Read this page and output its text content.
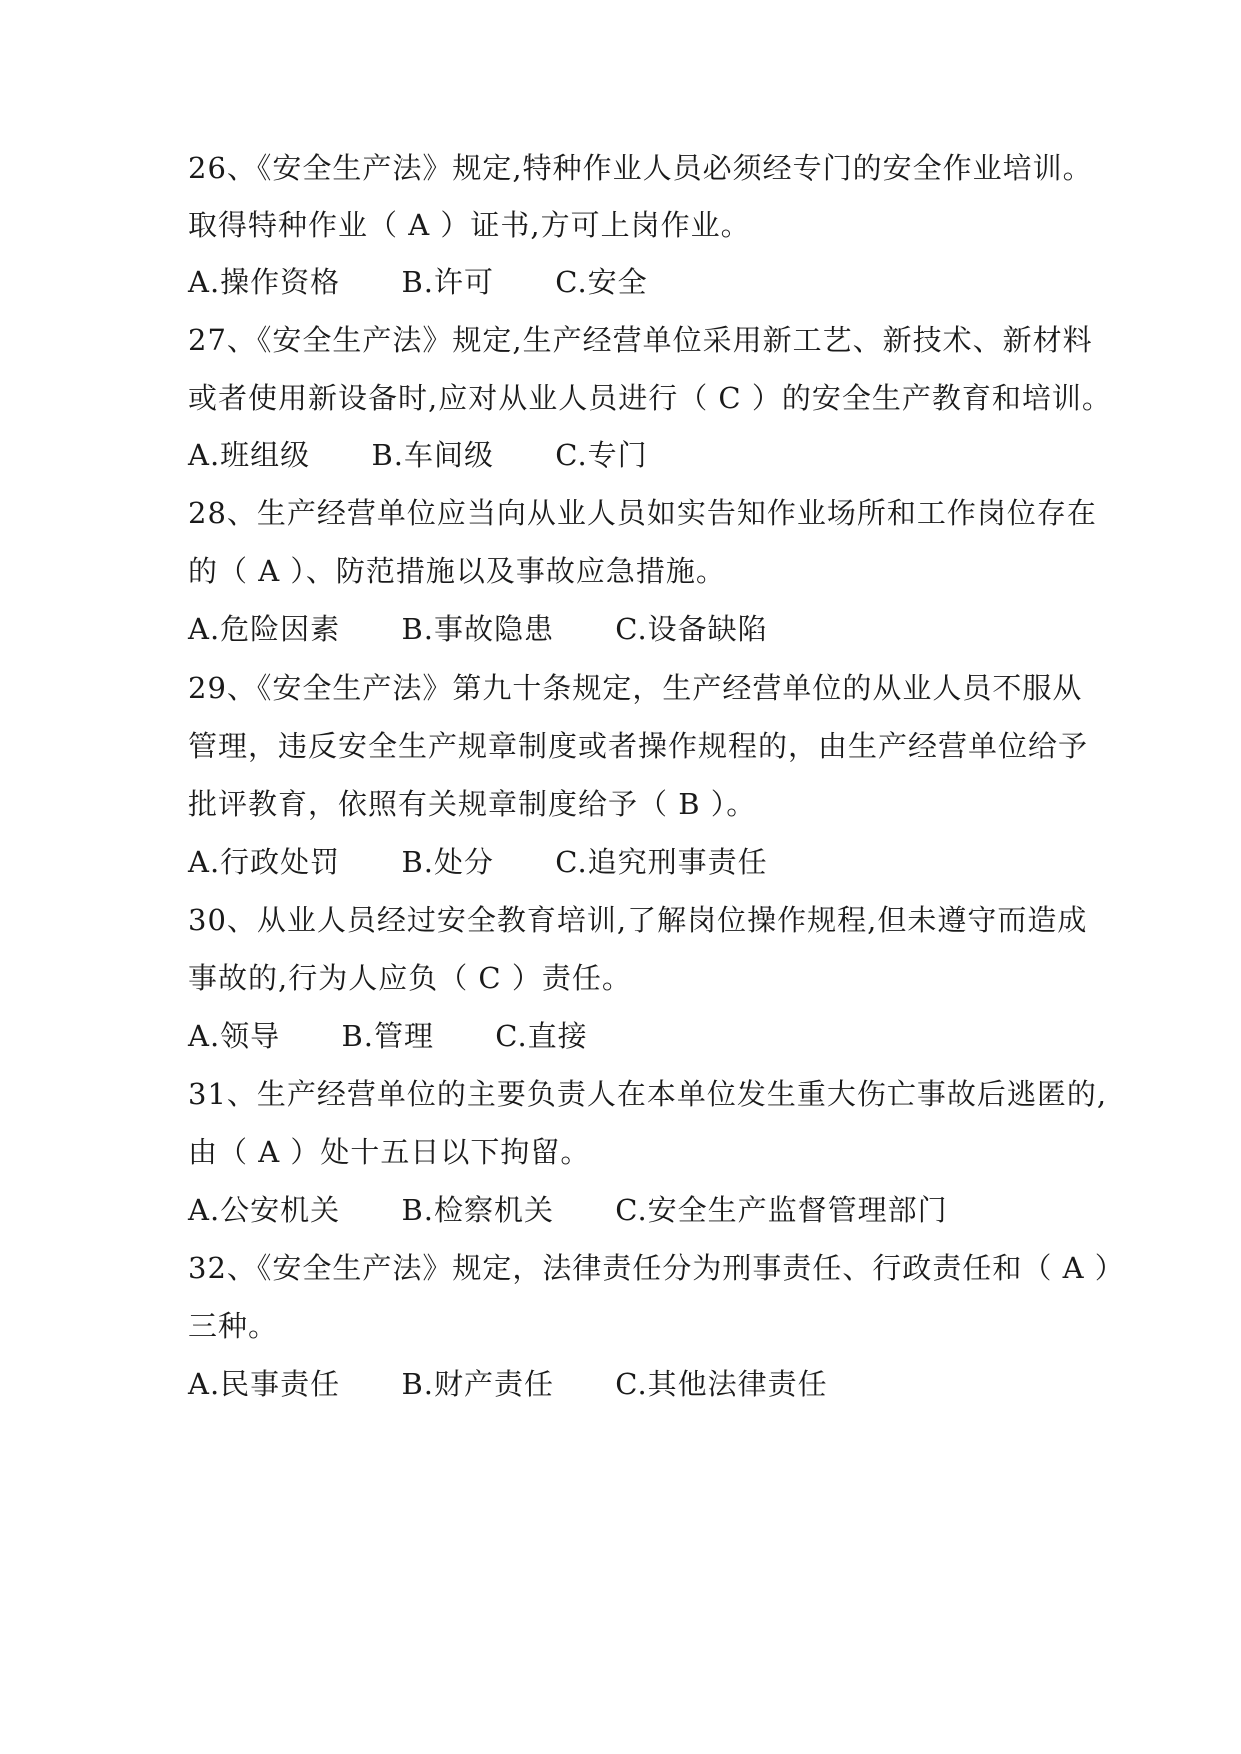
26、《安全生产法》规定,特种作业人员必须经专门的安全作业培训。
取得特种作业（ A ）证书,方可上岗作业。
A.操作资格      B.许可      C.安全
27、《安全生产法》规定,生产经营单位采用新工艺、新技术、新材料
或者使用新设备时,应对从业人员进行（ C ）的安全生产教育和培训。
A.班组级      B.车间级      C.专门
28、生产经营单位应当向从业人员如实告知作业场所和工作岗位存在
的（ A ）、防范措施以及事故应急措施。
A.危险因素      B.事故隐患      C.设备缺陷
29、《安全生产法》第九十条规定，生产经营单位的从业人员不服从
管理，违反安全生产规章制度或者操作规程的，由生产经营单位给予
批评教育，依照有关规章制度给予（ B ）。
A.行政处罚      B.处分      C.追究刑事责任
30、从业人员经过安全教育培训,了解岗位操作规程,但未遵守而造成
事故的,行为人应负（ C ）责任。
A.领导      B.管理      C.直接
31、生产经营单位的主要负责人在本单位发生重大伤亡事故后逃匿的,
由（ A ）处十五日以下拘留。
A.公安机关      B.检察机关      C.安全生产监督管理部门
32、《安全生产法》规定，法律责任分为刑事责任、行政责任和（ A ）
三种。
A.民事责任      B.财产责任      C.其他法律责任
